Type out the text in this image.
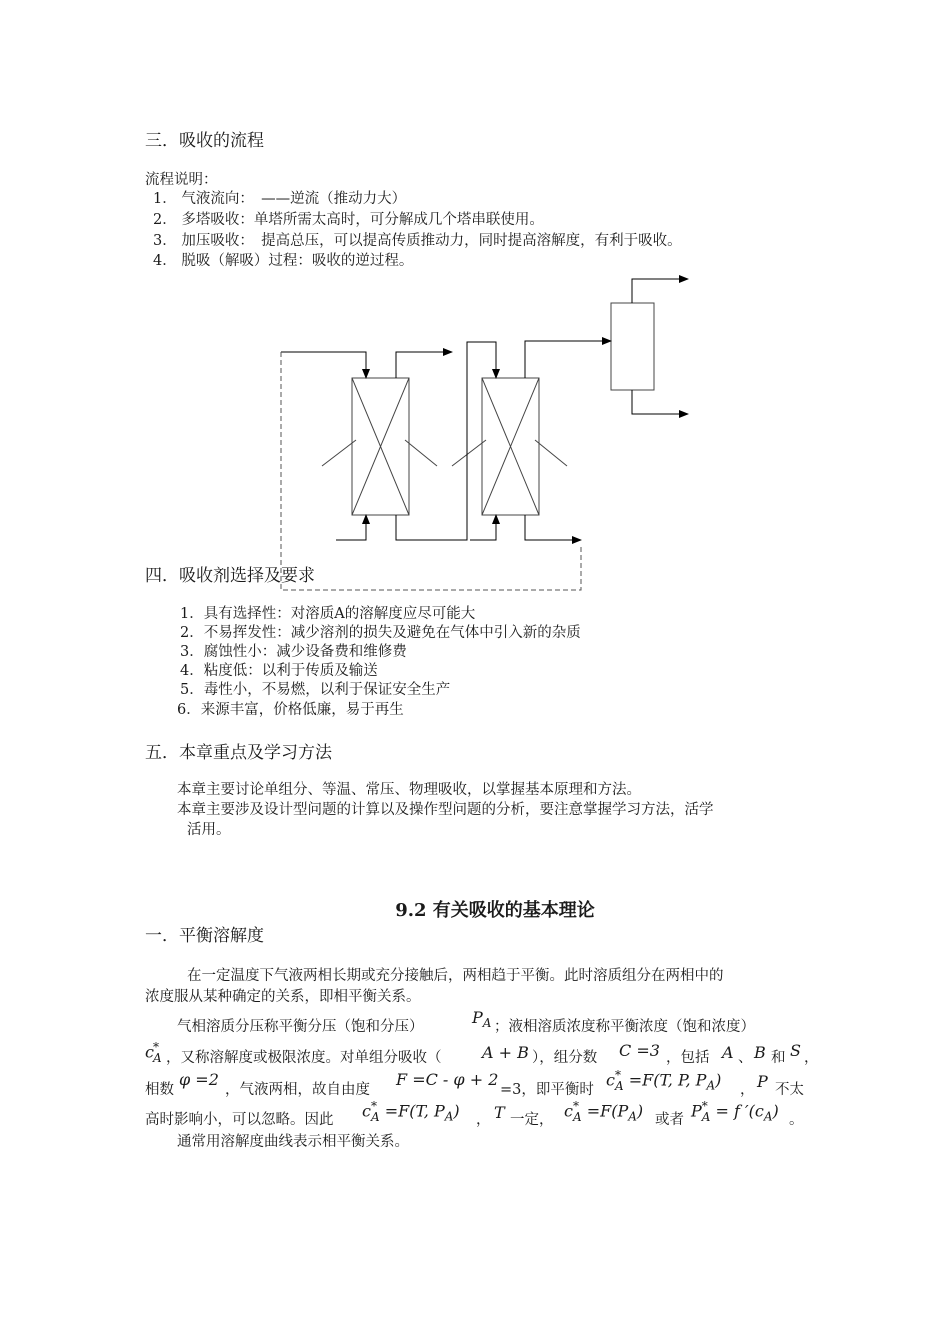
三．吸收的流程
流程说明：
1． 气液流向：　——逆流（推动力大）
2． 多塔吸收：单塔所需太高时，可分解成几个塔串联使用。
3． 加压吸收：　提高总压，可以提高传质推动力，同时提高溶解度，有利于吸收。
4． 脱吸（解吸）过程：吸收的逆过程。
四．吸收剂选择及要求
1．具有选择性：对溶质A的溶解度应尽可能大
2．不易挥发性：减少溶剂的损失及避免在气体中引入新的杂质
3．腐蚀性小：减少设备费和维修费
4．粘度低：以利于传质及输送
5．毒性小，不易燃，以利于保证安全生产
6．来源丰富，价格低廉，易于再生
五．本章重点及学习方法
本章主要讨论单组分、等温、常压、物理吸收，以掌握基本原理和方法。
本章主要涉及设计型问题的计算以及操作型问题的分析，要注意掌握学习方法，活学
活用。
9.2 有关吸收的基本理论
一．平衡溶解度
在一定温度下气液两相长期或充分接触后，两相趋于平衡。此时溶质组分在两相中的
浓度服从某种确定的关系，即相平衡关系。
气相溶质分压称平衡分压（饱和分压）	$P_A$ ；液相溶质浓度称平衡浓度（饱和浓度）
$c^*_A$ ，又称溶解度或极限浓度。对单组分吸收（	A + B ），组分数 C =3 ，包括 A 、 B 和 S ，
相数
φ =2
，气液两相，故自由度
F =C - φ + 2
=3，即平衡时
$c^*_A =F(T$, P, $P_A$)
， P 不太
高时影响小，可以忽略。因此 $c^*_A =F(T$, $P_A$) ， T 一定， $c^*_A =F(P_A)$ 或者 $P^*_A = f$ $'(c_A)$ 。
通常用溶解度曲线表示相平衡关系。
